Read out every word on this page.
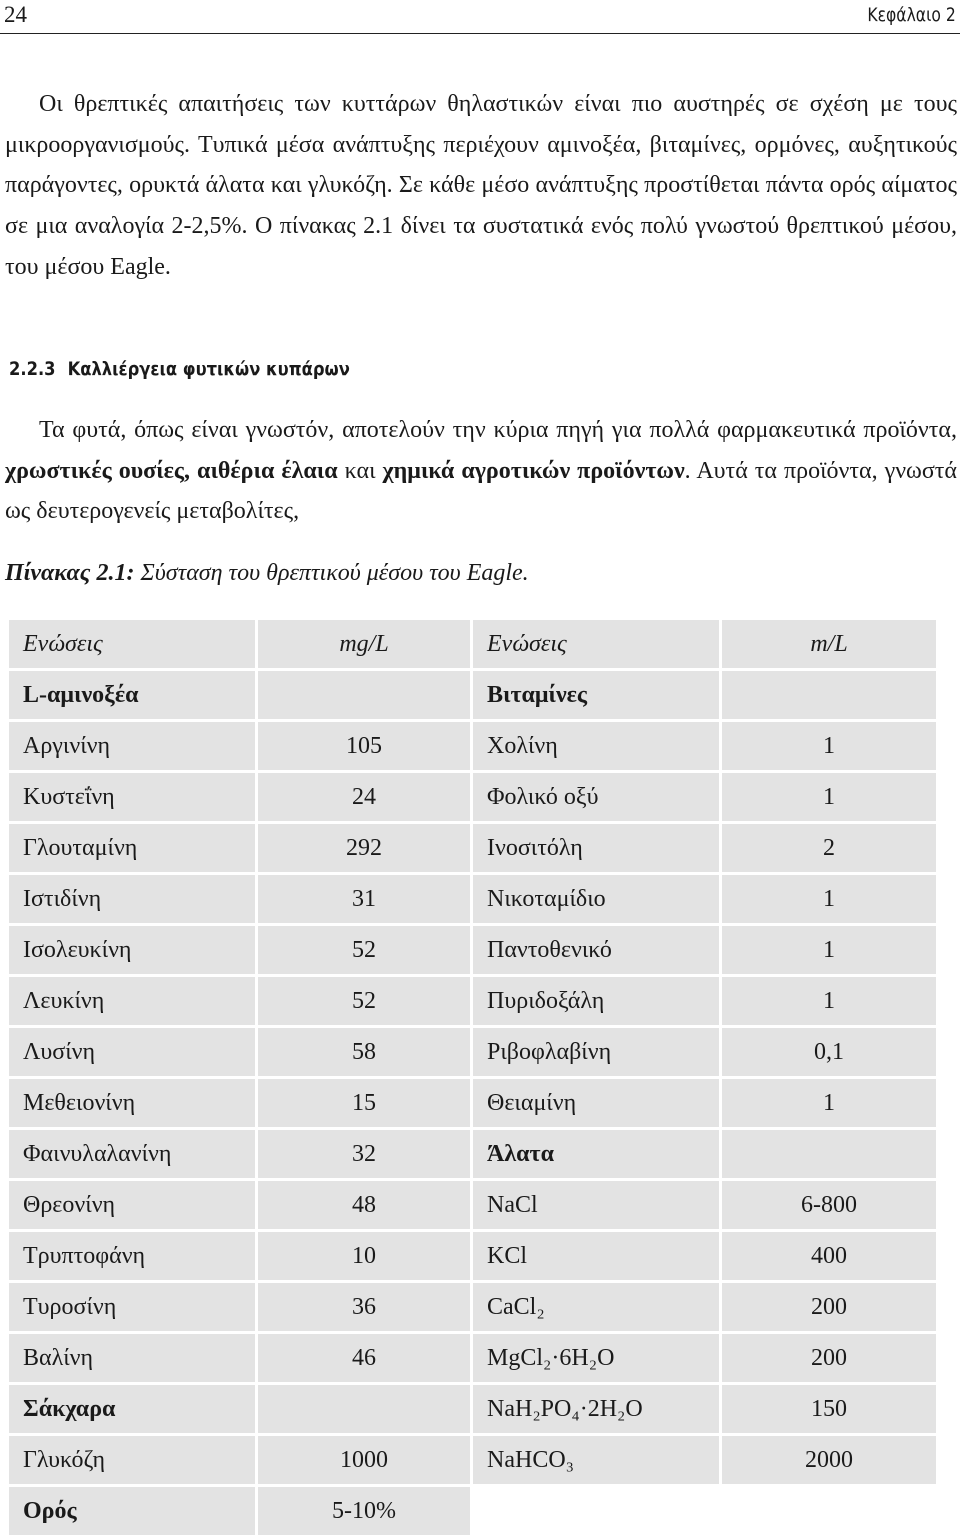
24	Κεφάλαιο 2
Οι θρεπτικές απαιτήσεις των κυττάρων θηλαστικών είναι πιο αυστηρές σε σχέση με τους μικροοργανισμούς. Τυπικά μέσα ανάπτυξης περιέχουν αμινοξέα, βιταμίνες, ορμόνες, αυξητικούς παράγοντες, ορυκτά άλατα και γλυκόζη. Σε κάθε μέσο ανάπτυξης προστίθεται πάντα ορός αίματος σε μια αναλογία 2-2,5%. Ο πίνακας 2.1 δίνει τα συστατικά ενός πολύ γνωστού θρεπτικού μέσου, του μέσου Eagle.
2.2.3 Καλλιέργεια φυτικών κυπάρων
Τα φυτά, όπως είναι γνωστόν, αποτελούν την κύρια πηγή για πολλά φαρμακευτικά προϊόντα, χρωστικές ουσίες, αιθέρια έλαια και χημικά αγροτικών προϊόντων. Αυτά τα προϊόντα, γνωστά ως δευτερογενείς μεταβολίτες,
Πίνακας 2.1: Σύσταση του θρεπτικού μέσου του Eagle.
Ενώσεις	mg/L	Ενώσεις	m/L
L-αμινοξέα		Βιταμίνες	
Αργινίνη	105	Χολίνη	1
Κυστεΐνη	24	Φολικό οξύ	1
Γλουταμίνη	292	Ινοσιτόλη	2
Ιστιδίνη	31	Νικοταμίδιο	1
Ισολευκίνη	52	Παντοθενικό	1
Λευκίνη	52	Πυριδοξάλη	1
Λυσίνη	58	Ριβοφλαβίνη	0,1
Μεθειονίνη	15	Θειαμίνη	1
Φαινυλαλανίνη	32	Άλατα	
Θρεονίνη	48	NaCl	6-800
Τρυπτοφάνη	10	KCl	400
Τυροσίνη	36	CaCl₂	200
Βαλίνη	46	MgCl₂·6H₂O	200
Σάκχαρα		NaH₂PO₄·2H₂O	150
Γλυκόζη	1000	NaHCO₃	2000
Ορός	5-10%		
